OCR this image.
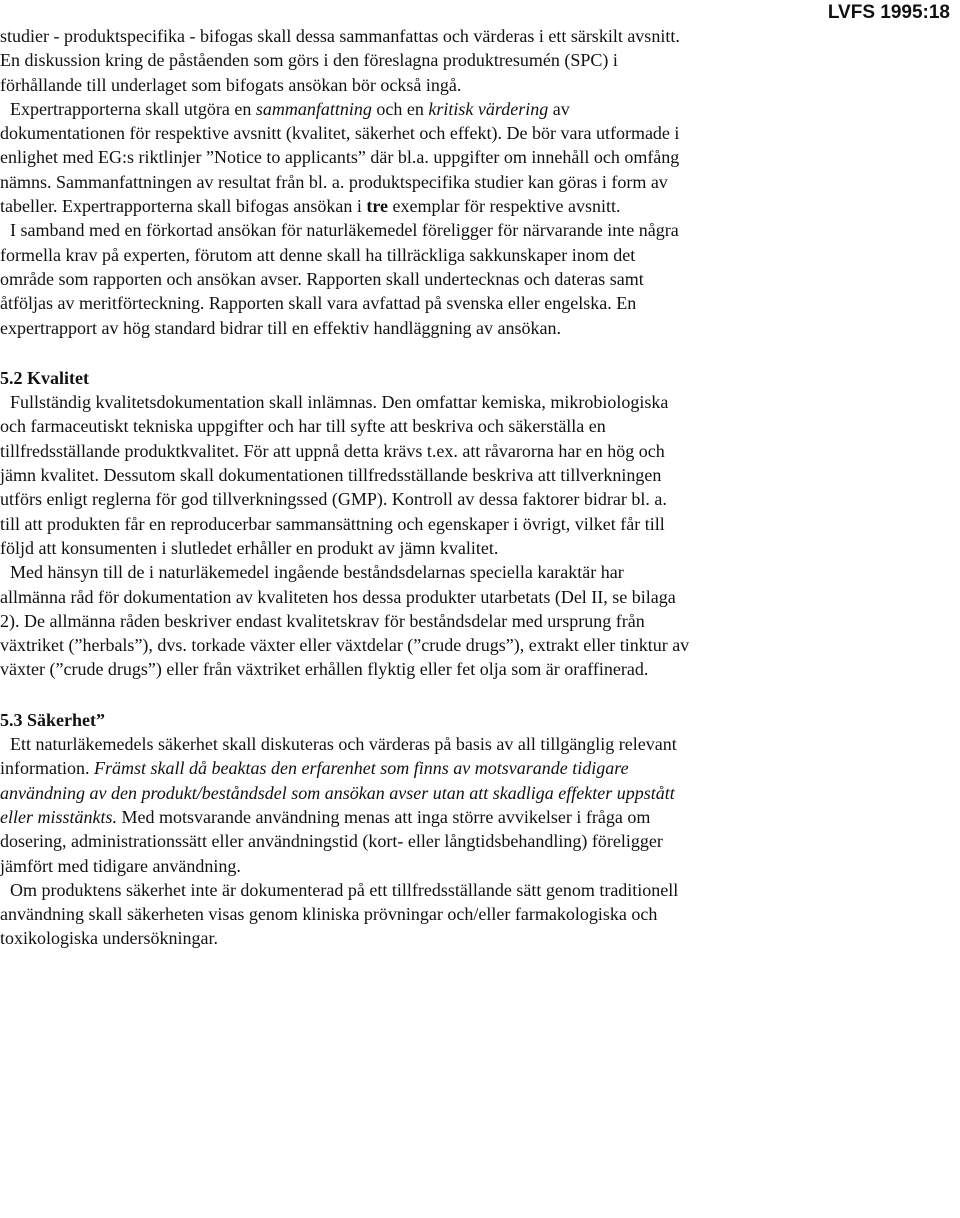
LVFS 1995:18

studier - produktspecifika - bifogas skall dessa sammanfattas och värderas i ett särskilt avsnitt. En diskussion kring de påståenden som görs i den föreslagna produktresumén (SPC) i förhållande till underlaget som bifogats ansökan bör också ingå.

Expertrapporterna skall utgöra en sammanfattning och en kritisk värdering av dokumentationen för respektive avsnitt (kvalitet, säkerhet och effekt). De bör vara utformade i enlighet med EG:s riktlinjer ”Notice to applicants” där bl.a. uppgifter om innehåll och omfång nämns. Sammanfattningen av resultat från bl. a. produktspecifika studier kan göras i form av tabeller. Expertrapporterna skall bifogas ansökan i tre exemplar för respektive avsnitt.

I samband med en förkortad ansökan för naturläkemedel föreligger för närvarande inte några formella krav på experten, förutom att denne skall ha tillräckliga sakkunskaper inom det område som rapporten och ansökan avser. Rapporten skall undertecknas och dateras samt åtföljas av meritförteckning. Rapporten skall vara avfattad på svenska eller engelska. En expertrapport av hög standard bidrar till en effektiv handläggning av ansökan.

5.2 Kvalitet

Fullständig kvalitetsdokumentation skall inlämnas. Den omfattar kemiska, mikrobiologiska och farmaceutiskt tekniska uppgifter och har till syfte att beskriva och säkerställa en tillfredsställande produktkvalitet. För att uppnå detta krävs t.ex. att råvarorna har en hög och jämn kvalitet. Dessutom skall dokumentationen tillfredsställande beskriva att tillverkningen utförs enligt reglerna för god tillverkningssed (GMP). Kontroll av dessa faktorer bidrar bl. a. till att produkten får en reproducerbar sammansättning och egenskaper i övrigt, vilket får till följd att konsumenten i slutledet erhåller en produkt av jämn kvalitet.

Med hänsyn till de i naturläkemedel ingående beståndsdelarnas speciella karaktär har allmänna råd för dokumentation av kvaliteten hos dessa produkter utarbetats (Del II, se bilaga 2). De allmänna råden beskriver endast kvalitetskrav för beståndsdelar med ursprung från växtriket (”herbals”), dvs. torkade växter eller växtdelar (”crude drugs”), extrakt eller tinktur av växter (”crude drugs”) eller från växtriket erhållen flyktig eller fet olja som är oraffinerad.

5.3 Säkerhet”

Ett naturläkemedels säkerhet skall diskuteras och värderas på basis av all tillgänglig relevant information. Främst skall då beaktas den erfarenhet som finns av motsvarande tidigare användning av den produkt/beståndsdel som ansökan avser utan att skadliga effekter uppstått eller misstänkts. Med motsvarande användning menas att inga större avvikelser i fråga om dosering, administrationssätt eller användningstid (kort- eller långtidsbehandling) föreligger jämfört med tidigare användning.

Om produktens säkerhet inte är dokumenterad på ett tillfredsställande sätt genom traditionell användning skall säkerheten visas genom kliniska prövningar och/eller farmakologiska och toxikologiska undersökningar.
